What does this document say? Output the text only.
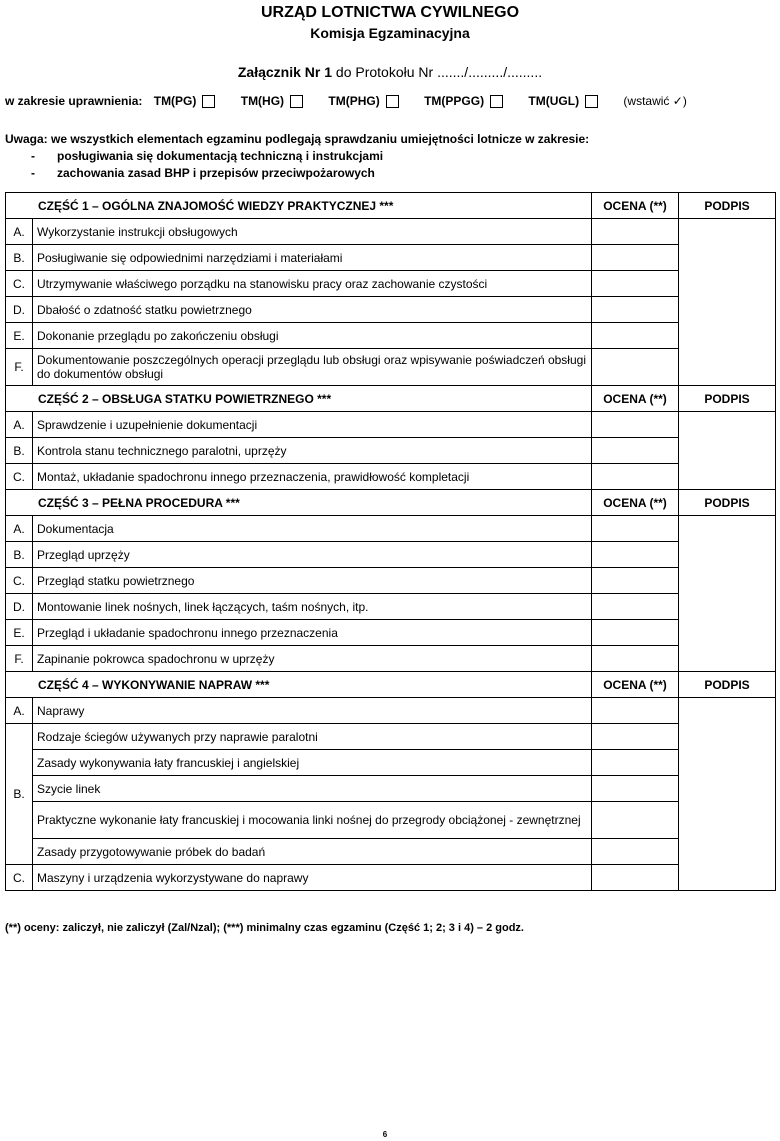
URZĄD LOTNICTWA CYWILNEGO
Komisja Egzaminacyjna
Załącznik Nr 1 do Protokołu Nr ......./........./.........
w zakresie uprawnienia: TM(PG)	TM(HG)	TM(PHG)	TM(PPGG)	TM(UGL)	(wstawić ✓)
Uwaga: we wszystkich elementach egzaminu podlegają sprawdzaniu umiejętności lotnicze w zakresie:
- posługiwania się dokumentacją techniczną i instrukcjami
- zachowania zasad BHP i przepisów przeciwpożarowych
CZĘŚĆ 1 – OGÓLNA ZNAJOMOŚĆ WIEDZY PRAKTYCZNEJ ***		OCENA (**)	PODPIS
A.	Wykorzystanie instrukcji obsługowych		
B.	Posługiwanie się odpowiednimi narzędziami i materiałami		
C.	Utrzymywanie właściwego porządku na stanowisku pracy oraz zachowanie czystości		
D.	Dbałość o zdatność statku powietrznego		
E.	Dokonanie przeglądu po zakończeniu obsługi		
F.	Dokumentowanie poszczególnych operacji przeglądu lub obsługi oraz wpisywanie poświadczeń obsługi do dokumentów obsługi		
CZĘŚĆ 2 – OBSŁUGA STATKU POWIETRZNEGO ***		OCENA (**)	PODPIS
A.	Sprawdzenie i uzupełnienie dokumentacji		
B.	Kontrola stanu technicznego paralotni, uprzęży		
C.	Montaż, układanie spadochronu innego przeznaczenia, prawidłowość kompletacji		
CZĘŚĆ 3 – PEŁNA PROCEDURA ***		OCENA (**)	PODPIS
A.	Dokumentacja		
B.	Przegląd uprzęży		
C.	Przegląd statku powietrznego		
D.	Montowanie linek nośnych, linek łączących, taśm nośnych, itp.		
E.	Przegląd i układanie spadochronu innego przeznaczenia		
F.	Zapinanie pokrowca spadochronu w uprzęży		
CZĘŚĆ 4 – WYKONYWANIE NAPRAW ***		OCENA (**)	PODPIS
A.	Naprawy		
B.	Rodzaje ściegów używanych przy naprawie paralotni		
	Zasady wykonywania łaty francuskiej i angielskiej		
	Szycie linek		
	Praktyczne wykonanie łaty francuskiej i mocowania linki nośnej do przegrody obciążonej - zewnętrznej		
	Zasady przygotowywanie próbek do badań		
C.	Maszyny i urządzenia wykorzystywane do naprawy		
(**) oceny: zaliczył, nie zaliczył (Zal/Nzal); (***) minimalny czas egzaminu (Część 1; 2; 3 i 4) – 2 godz.
6
